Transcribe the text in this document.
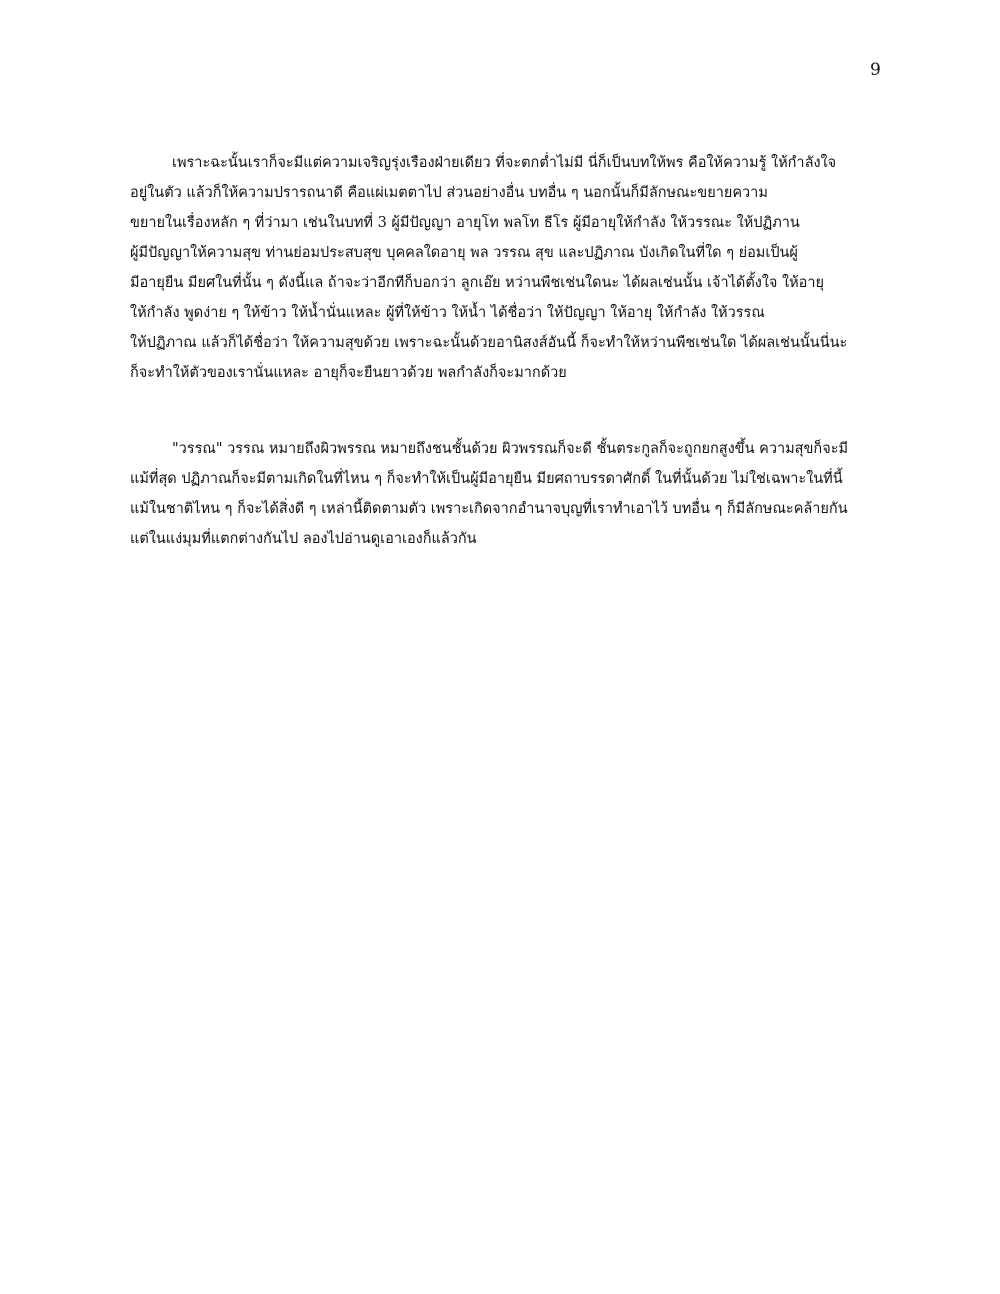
9
เพราะฉะนั้นเราก็จะมีแต่ความเจริญรุ่งเรืองฝ่ายเดียว ที่จะตกต่ำไม่มี นี่ก็เป็นบทให้พร คือให้ความรู้ ให้กำลังใจ
อยู่ในตัว แล้วก็ให้ความปรารถนาดี คือแผ่เมตตาไป ส่วนอย่างอื่น บทอื่น ๆ นอกนั้นก็มีลักษณะขยายความ
ขยายในเรื่องหลัก ๆ ที่ว่ามา เช่นในบทที่ 3 ผู้มีปัญญา อายุโท พลโท ธีโร ผู้มีอายุให้กำลัง ให้วรรณะ ให้ปฏิภาน
ผู้มีปัญญาให้ความสุข ท่านย่อมประสบสุข บุคคลใดอายุ พล วรรณ สุข และปฏิภาณ บังเกิดในที่ใด ๆ ย่อมเป็นผู้
มีอายุยืน มียศในที่นั้น ๆ ดังนี้แล ถ้าจะว่าอีกทีก็บอกว่า ลูกเอ๊ย หว่านพืชเช่นใดนะ ได้ผลเช่นนั้น เจ้าได้ตั้งใจ ให้อายุ
ให้กำลัง พูดง่าย ๆ ให้ข้าว ให้น้ำนั่นแหละ ผู้ที่ให้ข้าว ให้น้ำ ได้ชื่อว่า ให้ปัญญา ให้อายุ ให้กำลัง ให้วรรณ
ให้ปฏิภาณ แล้วก็ได้ชื่อว่า ให้ความสุขด้วย เพราะฉะนั้นด้วยอานิสงส์อันนี้ ก็จะทำให้หว่านพืชเช่นใด ได้ผลเช่นนั้นนี่นะ
ก็จะทำให้ตัวของเรานั่นแหละ อายุก็จะยืนยาวด้วย พลกำลังก็จะมากด้วย
"วรรณ" วรรณ หมายถึงผิวพรรณ หมายถึงชนชั้นด้วย ผิวพรรณก็จะดี ชั้นตระกูลก็จะถูกยกสูงขึ้น ความสุขก็จะมี
แม้ที่สุด ปฏิภาณก็จะมีตามเกิดในที่ไหน ๆ ก็จะทำให้เป็นผู้มีอายุยืน มียศถาบรรดาศักดิ์ ในที่นั้นด้วย ไม่ใช่เฉพาะในที่นี้
แม้ในชาติไหน ๆ ก็จะได้สิ่งดี ๆ เหล่านี้ติดตามตัว เพราะเกิดจากอำนาจบุญที่เราทำเอาไว้ บทอื่น ๆ ก็มีลักษณะคล้ายกัน
แต่ในแง่มุมที่แตกต่างกันไป ลองไปอ่านดูเอาเองก็แล้วกัน
